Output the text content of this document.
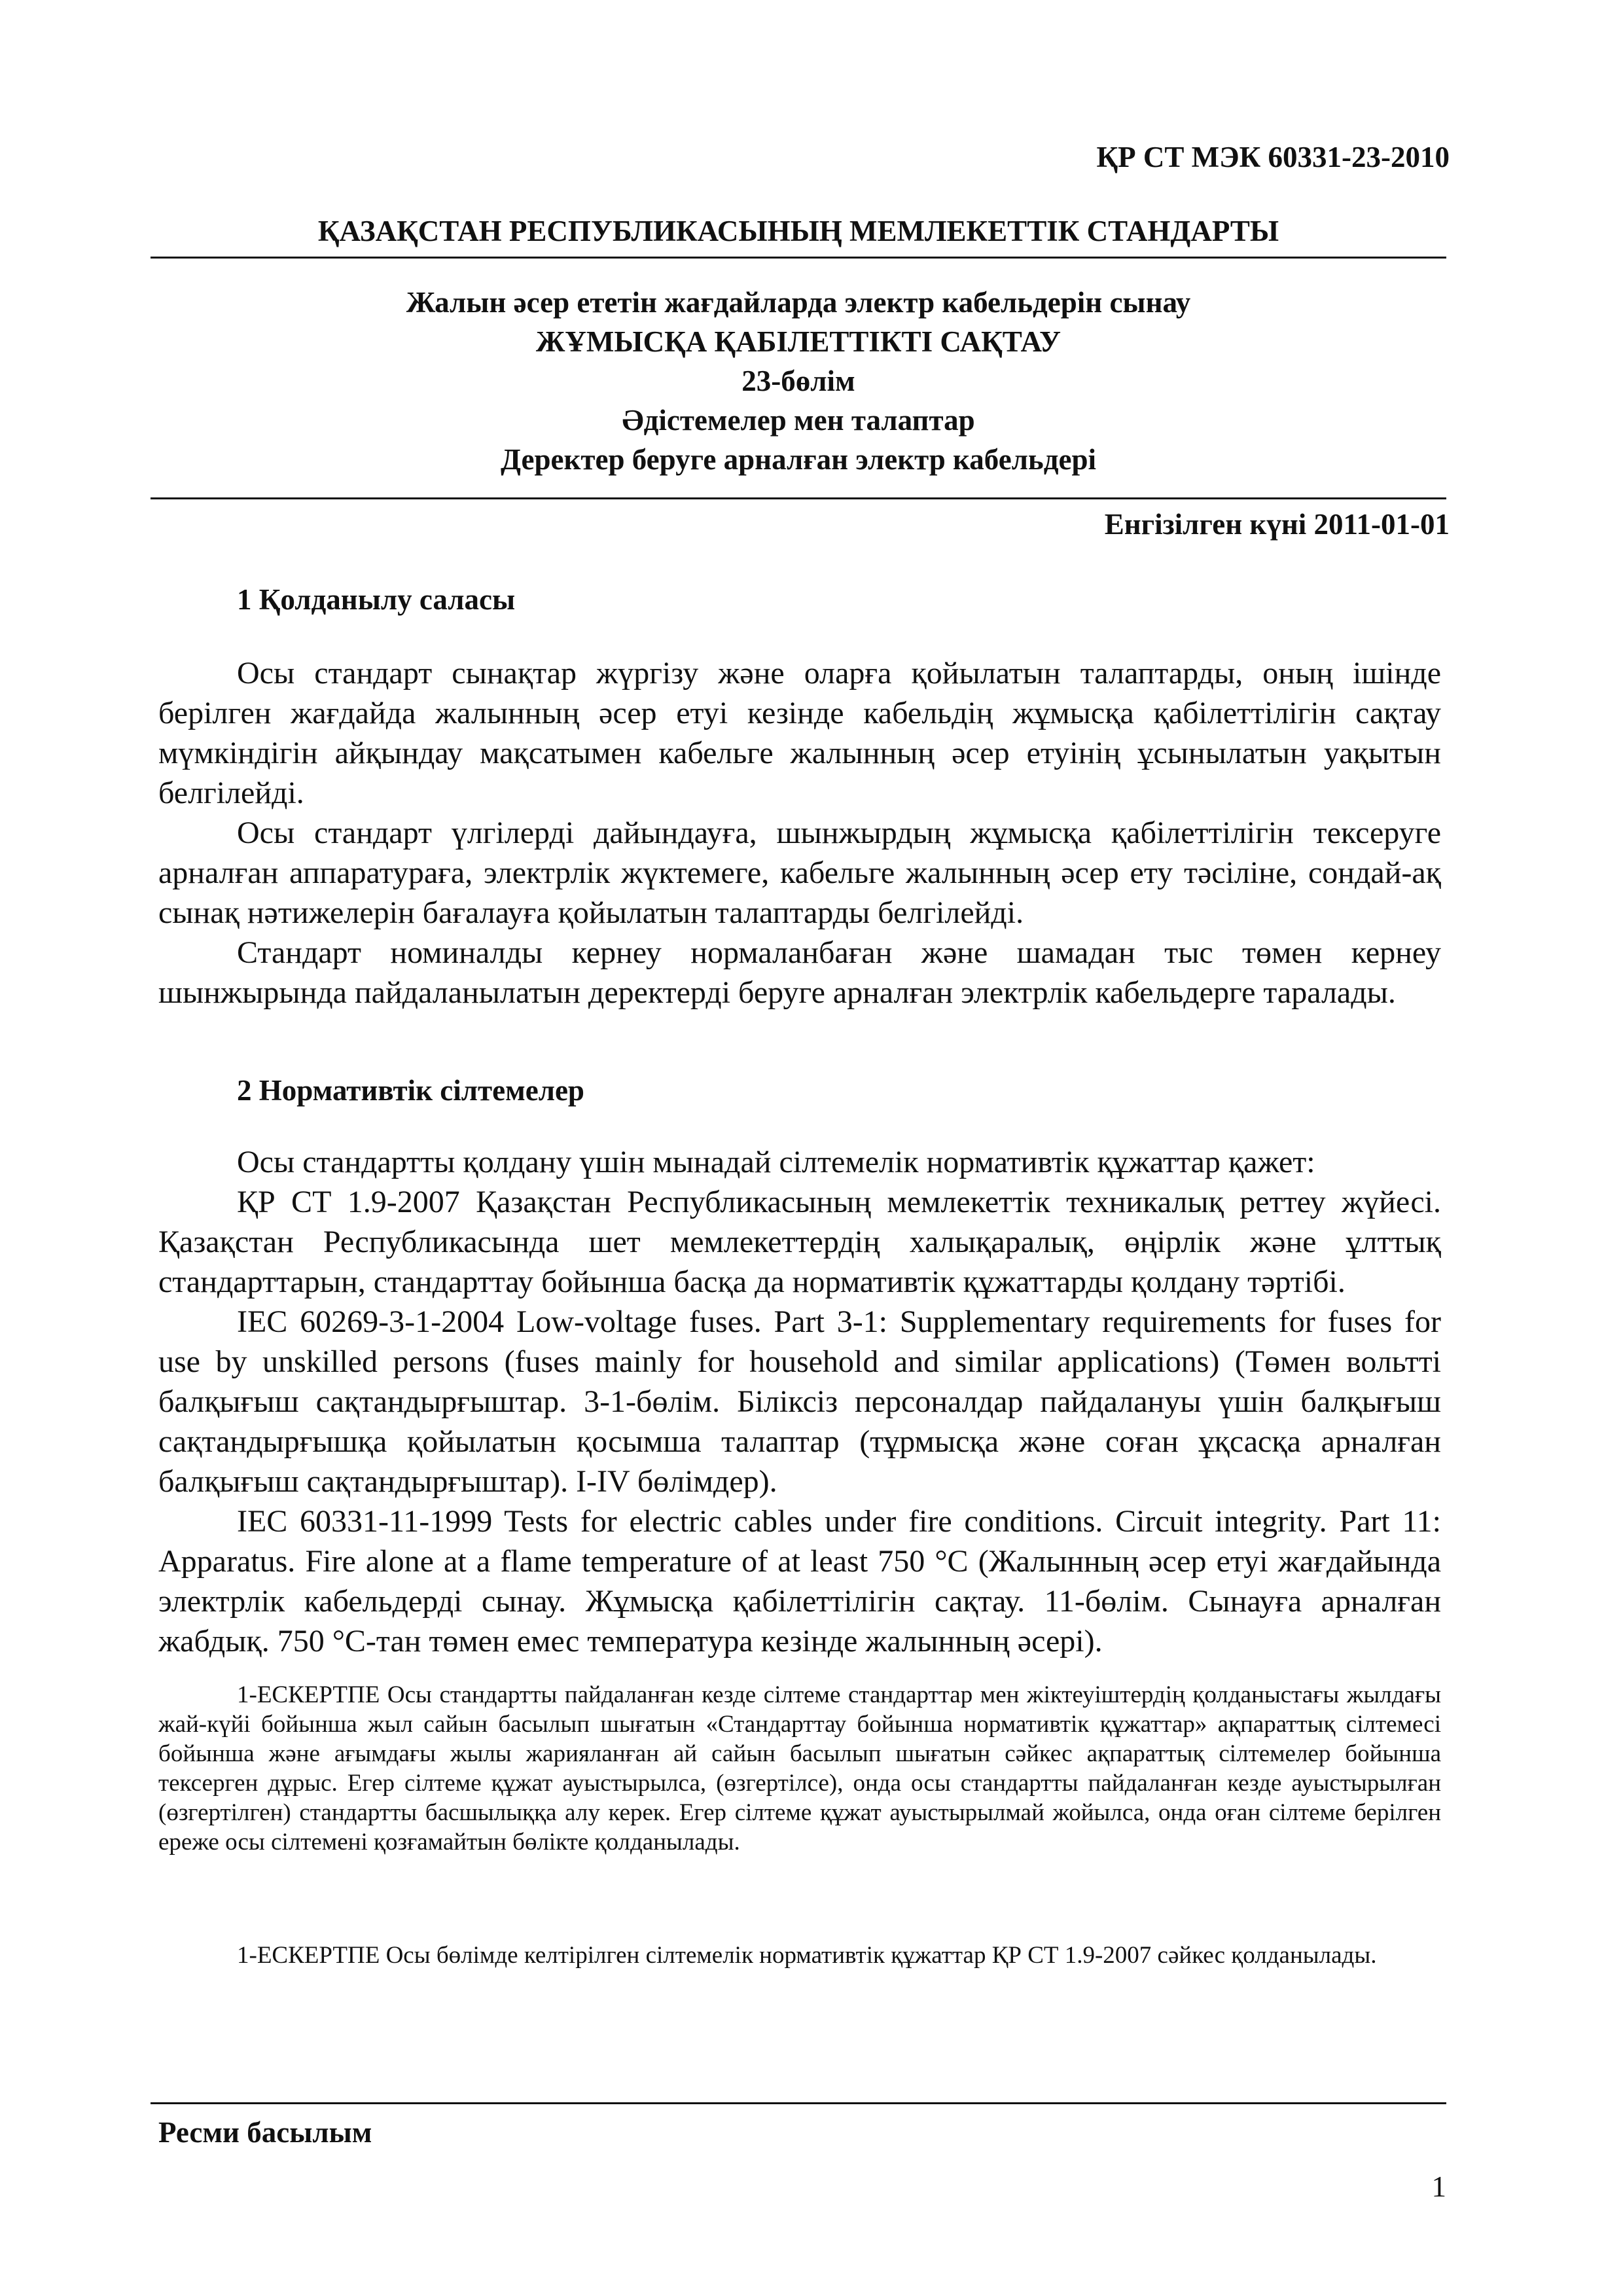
ҚР СТ МЭК 60331-23-2010
ҚАЗАҚСТАН РЕСПУБЛИКАСЫНЫҢ МЕМЛЕКЕТТІК СТАНДАРТЫ
Жалын әсер ететін жағдайларда электр кабельдерін сынау
ЖҰМЫСҚА ҚАБІЛЕТТІКТІ САҚТАУ
23-бөлім
Әдістемелер мен талаптар
Деректер беруге арналған электр кабельдері
Енгізілген күні 2011-01-01
1 Қолданылу саласы

Осы стандарт сынақтар жүргізу және оларға қойылатын талаптарды, оның ішінде берілген жағдайда жалынның әсер етуі кезінде кабельдің жұмысқа қабілеттілігін сақтау мүмкіндігін айқындау мақсатымен кабельге жалынның әсер етуінің ұсынылатын уақытын белгілейді.

Осы стандарт үлгілерді дайындауға, шынжырдың жұмысқа қабілеттілігін тексеруге арналған аппаратураға, электрлік жүктемеге, кабельге жалынның әсер ету тәсіліне, сондай-ақ сынақ нәтижелерін бағалауға қойылатын талаптарды белгілейді.

Стандарт номиналды кернеу нормаланбаған және шамадан тыс төмен кернеу шынжырында пайдаланылатын деректерді беруге арналған электрлік кабельдерге таралады.

2 Нормативтік сілтемелер

Осы стандартты қолдану үшін мынадай сілтемелік нормативтік құжаттар қажет:

ҚР СТ 1.9-2007 Қазақстан Республикасының мемлекеттік техникалық реттеу жүйесі. Қазақстан Республикасында шет мемлекеттердің халықаралық, өңірлік және ұлттық стандарттарын, стандарттау бойынша басқа да нормативтік құжаттарды қолдану тәртібі.

IEC 60269-3-1-2004 Low-voltage fuses. Part 3-1: Supplementary requirements for fuses for use by unskilled persons (fuses mainly for household and similar applications) (Төмен вольтті балқығыш сақтандырғыштар. 3-1-бөлім. Біліксіз персоналдар пайдалануы үшін балқығыш сақтандырғышқа қойылатын қосымша талаптар (тұрмысқа және соған ұқсасқа арналған балқығыш сақтандырғыштар). I-IV бөлімдер).

IEC 60331-11-1999 Tests for electric cables under fire conditions. Circuit integrity. Part 11: Apparatus. Fire alone at a flame temperature of at least 750 °C (Жалынның әсер етуі жағдайында электрлік кабельдерді сынау. Жұмысқа қабілеттілігін сақтау. 11-бөлім. Сынауға арналған жабдық. 750 °С-тан төмен емес температура кезінде жалынның әсері).

1-ЕСКЕРТПЕ Осы стандартты пайдаланған кезде сілтеме стандарттар мен жіктеуіштердің қолданыстағы жылдағы жай-күйі бойынша жыл сайын басылып шығатын «Стандарттау бойынша нормативтік құжаттар» ақпараттық сілтемесі бойынша және ағымдағы жылы жарияланған ай сайын басылып шығатын сәйкес ақпараттық сілтемелер бойынша тексерген дұрыс. Егер сілтеме құжат ауыстырылса, (өзгертілсе), онда осы стандартты пайдаланған кезде ауыстырылған (өзгертілген) стандартты басшылыққа алу керек. Егер сілтеме құжат ауыстырылмай жойылса, онда оған сілтеме берілген ереже осы сілтемені қозғамайтын бөлікте қолданылады.

1-ЕСКЕРТПЕ Осы бөлімде келтірілген сілтемелік нормативтік құжаттар ҚР СТ 1.9-2007 сәйкес қолданылады.

Ресми басылым
1
